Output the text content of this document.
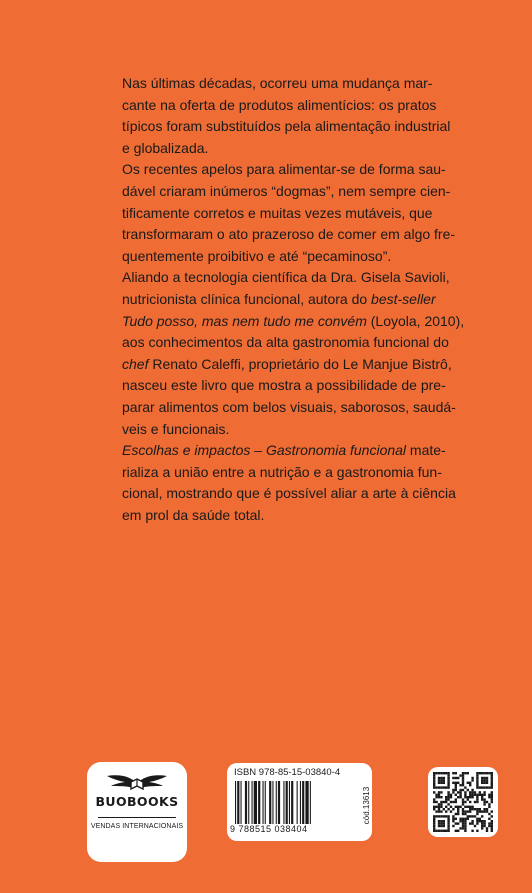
Nas últimas décadas, ocorreu uma mudança mar-
cante na oferta de produtos alimentícios: os pratos
típicos foram substituídos pela alimentação industrial
e globalizada.
Os recentes apelos para alimentar-se de forma sau-
dável criaram inúmeros “dogmas”, nem sempre cien-
tificamente corretos e muitas vezes mutáveis, que
transformaram o ato prazeroso de comer em algo fre-
quentemente proibitivo e até “pecaminoso”.
Aliando a tecnologia científica da Dra. Gisela Savioli,
nutricionista clínica funcional, autora do best-seller
Tudo posso, mas nem tudo me convém (Loyola, 2010),
aos conhecimentos da alta gastronomia funcional do
chef Renato Caleffi, proprietário do Le Manjue Bistrô,
nasceu este livro que mostra a possibilidade de pre-
parar alimentos com belos visuais, saborosos, saudá-
veis e funcionais.
Escolhas e impactos – Gastronomia funcional mate-
rializa a união entre a nutrição e a gastronomia fun-
cional, mostrando que é possível aliar a arte à ciência
em prol da saúde total.
BUOBOOKS
VENDAS INTERNACIONAIS
ISBN 978-85-15-03840-4
9 788515 038404
cód.13613
